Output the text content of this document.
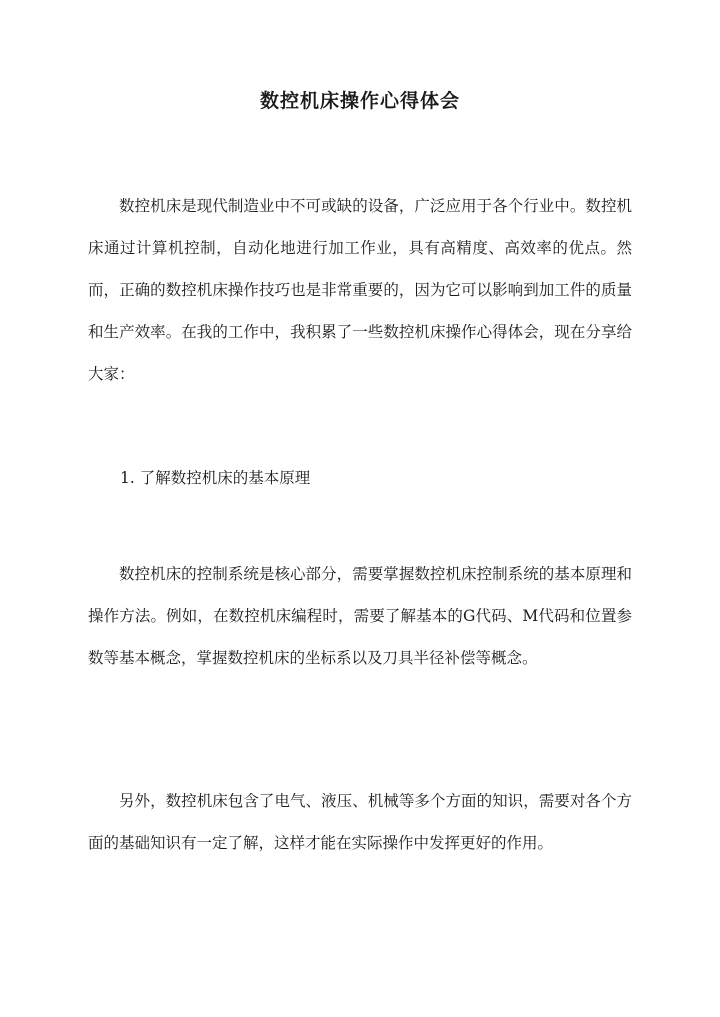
数控机床操作心得体会

数控机床是现代制造业中不可或缺的设备，广泛应用于各个行业中。数控机床通过计算机控制，自动化地进行加工作业，具有高精度、高效率的优点。然而，正确的数控机床操作技巧也是非常重要的，因为它可以影响到加工件的质量和生产效率。在我的工作中，我积累了一些数控机床操作心得体会，现在分享给大家：

1. 了解数控机床的基本原理

数控机床的控制系统是核心部分，需要掌握数控机床控制系统的基本原理和操作方法。例如，在数控机床编程时，需要了解基本的G代码、M代码和位置参数等基本概念，掌握数控机床的坐标系以及刀具半径补偿等概念。

另外，数控机床包含了电气、液压、机械等多个方面的知识，需要对各个方面的基础知识有一定了解，这样才能在实际操作中发挥更好的作用。
